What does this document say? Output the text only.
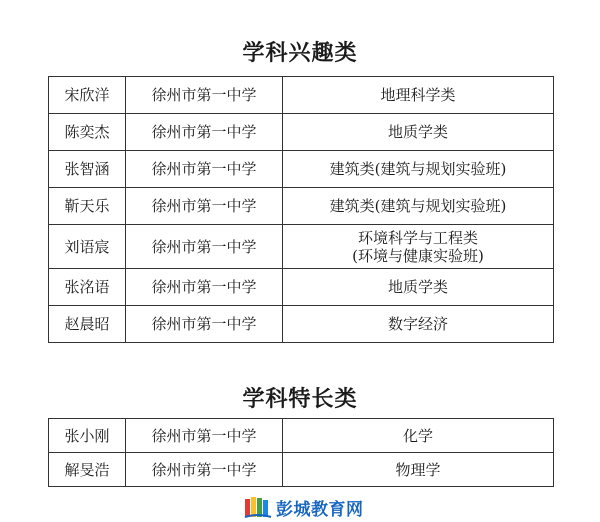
学科兴趣类
宋欣洋	徐州市第一中学	地理科学类
陈奕杰	徐州市第一中学	地质学类
张智涵	徐州市第一中学	建筑类(建筑与规划实验班)
靳天乐	徐州市第一中学	建筑类(建筑与规划实验班)
刘语宸	徐州市第一中学	环境科学与工程类
(环境与健康实验班)

张洺语	徐州市第一中学	地质学类
赵晨昭	徐州市第一中学	数字经济
学科特长类
张小刚	徐州市第一中学	化学
解旻浩	徐州市第一中学	物理学
彭城教育网
